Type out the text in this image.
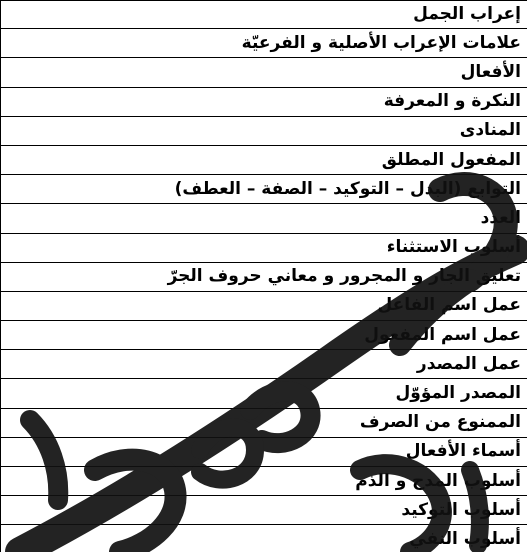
إعراب الجمل
علامات الإعراب الأصلية و الفرعيّة
الأفعال
النكرة و المعرفة
المنادى
المفعول المطلق
التوابع (البدل – التوكيد – الصفة – العطف)
العدد
أسلوب الاستثناء
تعليق الجار و المجرور و معاني حروف الجرّ
عمل اسم الفاعل
عمل اسم المفعول
عمل المصدر
المصدر المؤوّل
الممنوع من الصرف
أسماء الأفعال
أسلوب المدح و الذم
أسلوب التوكيد
أسلوب النفي
